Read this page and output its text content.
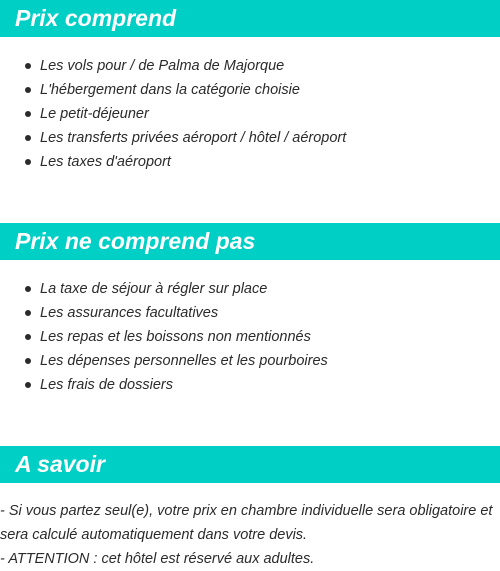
Prix comprend
Les vols pour / de Palma de Majorque
L'hébergement dans la catégorie choisie
Le petit-déjeuner
Les transferts privées aéroport / hôtel / aéroport
Les taxes d'aéroport
Prix ne comprend pas
La taxe de séjour à régler sur place
Les assurances facultatives
Les repas et les boissons non mentionnés
Les dépenses personnelles et les pourboires
Les frais de dossiers
A savoir

- Si vous partez seul(e), votre prix en chambre individuelle sera obligatoire et sera calculé automatiquement dans votre devis.

- ATTENTION : cet hôtel est réservé aux adultes.
